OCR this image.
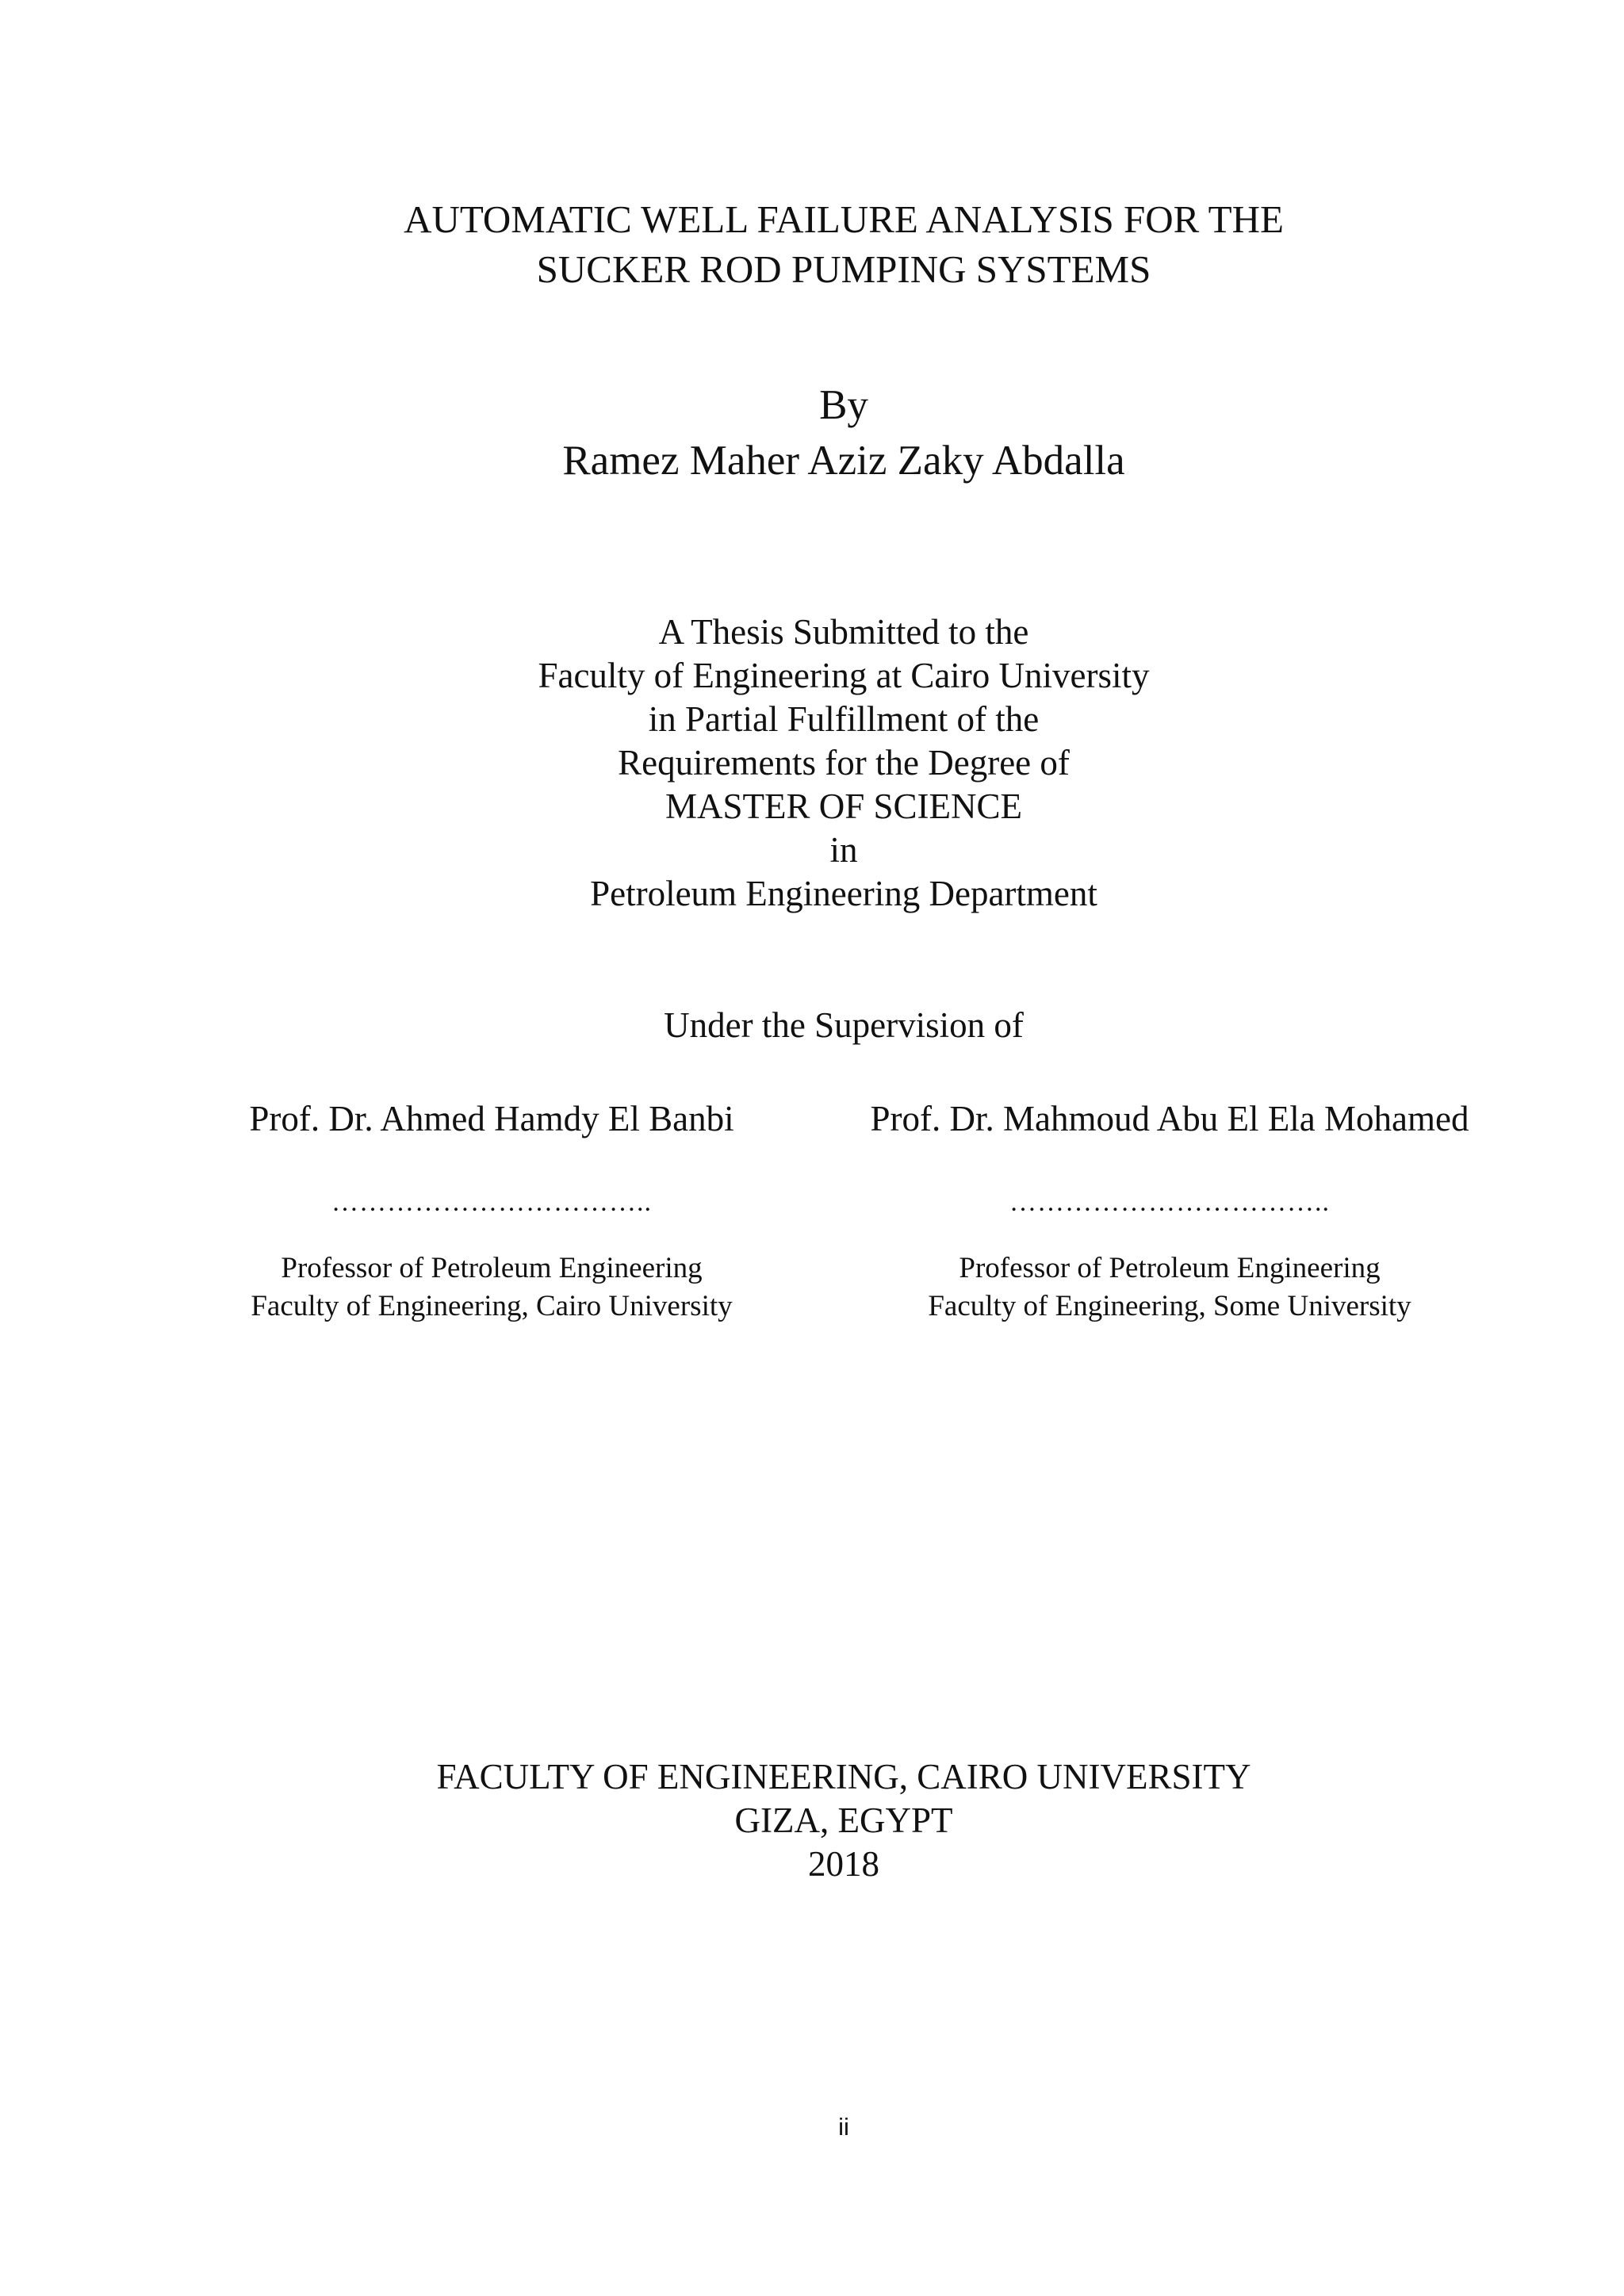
AUTOMATIC WELL FAILURE ANALYSIS FOR THE
SUCKER ROD PUMPING SYSTEMS
By
Ramez Maher Aziz Zaky Abdalla
A Thesis Submitted to the
Faculty of Engineering at Cairo University
in Partial Fulfillment of the
Requirements for the Degree of
MASTER OF SCIENCE
in
Petroleum Engineering Department
Under the Supervision of
Prof. Dr. Ahmed Hamdy El Banbi	Prof. Dr. Mahmoud Abu El Ela Mohamed
……………………………..	……………………………..
Professor of Petroleum Engineering
Faculty of Engineering, Cairo University
Professor of Petroleum Engineering
Faculty of Engineering, Some University
FACULTY OF ENGINEERING, CAIRO UNIVERSITY
GIZA, EGYPT
2018
ii
